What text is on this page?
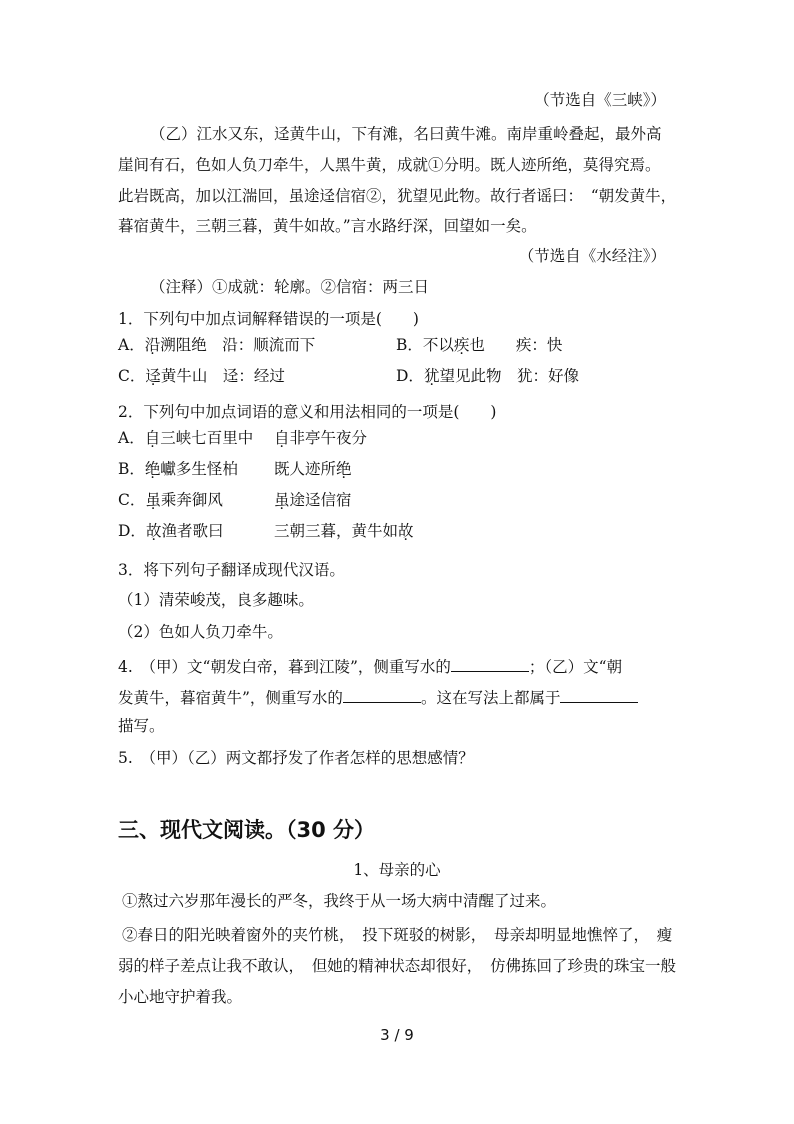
（节选自《三峡》）
（乙）江水又东，迳黄牛山，下有滩，名曰黄牛滩。南岸重岭叠起，最外高
崖间有石，色如人负刀牵牛，人黑牛黄，成就①分明。既人迹所绝，莫得究焉。
此岩既高，加以江湍回，虽途迳信宿②，犹望见此物。故行者谣曰：　“朝发黄牛，
暮宿黄牛，三朝三暮，黄牛如故。”言水路纡深，回望如一矣。
（节选自《水经注》）
（注释）①成就：轮廓。②信宿：两三日
1．下列句中加点词解释错误的一项是(　　)
A．沿溯阻绝　沿：顺流而下	B．不以疾也　　疾：快
C．迳黄牛山　迳：经过	D．犹望见此物　犹：好像
2．下列句中加点词语的意义和用法相同的一项是(　　)
A．自三峡七百里中 自非亭午夜分
B．绝巘多生怪柏 既人迹所绝
C．虽乘奔御风	虽途迳信宿
D．故渔者歌曰	三朝三暮，黄牛如故
3．将下列句子翻译成现代汉语。
（1）清荣峻茂，良多趣味。
（2）色如人负刀牵牛。
4.　（甲）文“朝发白帝，暮到江陵”，侧重写水的	；（乙）文“朝
发黄牛，暮宿黄牛”，侧重写水的	。这在写法上都属于
描写。
5.　（甲）（乙）两文都抒发了作者怎样的思想感情？
三、现代文阅读。（30 分）
1、母亲的心
①熬过六岁那年漫长的严冬，我终于从一场大病中清醒了过来。
②春日的阳光映着窗外的夹竹桃，　投下斑驳的树影，　母亲却明显地憔悴了，　瘦
弱的样子差点让我不敢认，　但她的精神状态却很好，　仿佛拣回了珍贵的珠宝一般
小心地守护着我。
3 / 9
